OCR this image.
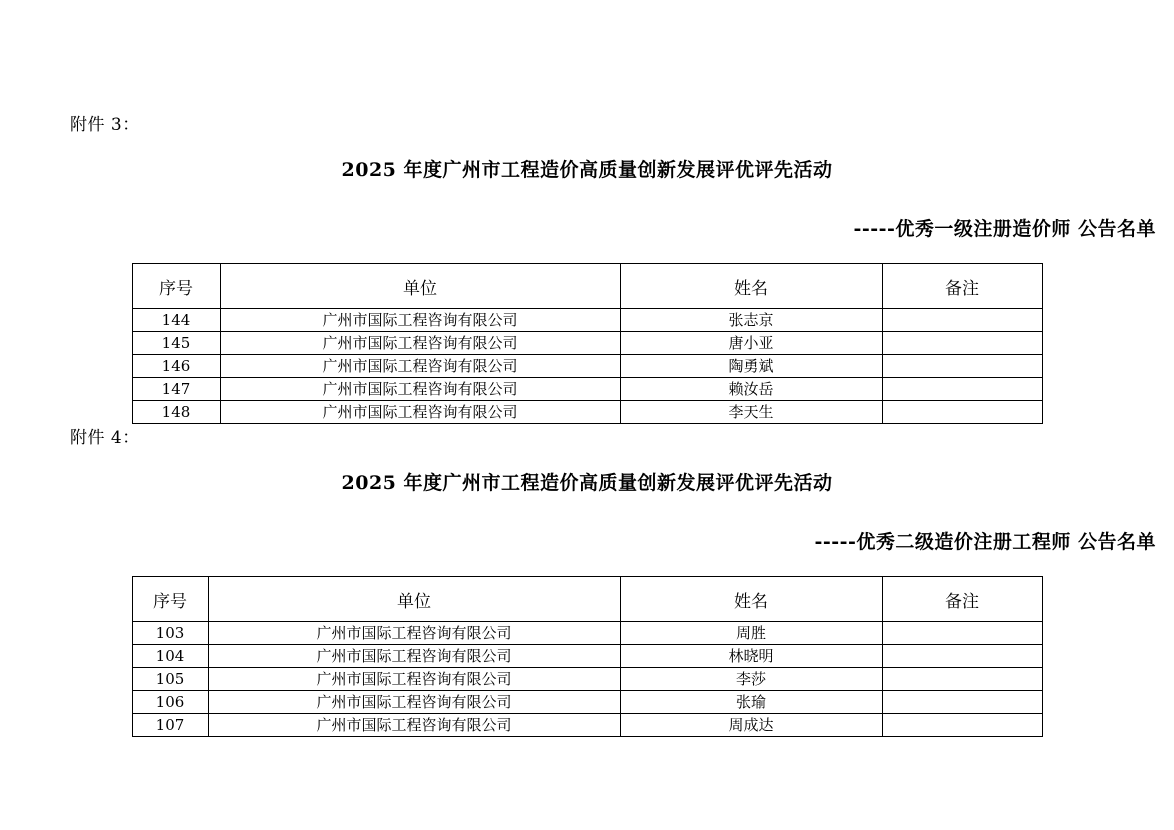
附件 3：
2025 年度广州市工程造价高质量创新发展评优评先活动
-----优秀一级注册造价师 公告名单
序号	单位	姓名	备注
144	广州市国际工程咨询有限公司	张志京	
145	广州市国际工程咨询有限公司	唐小亚	
146	广州市国际工程咨询有限公司	陶勇斌	
147	广州市国际工程咨询有限公司	赖汝岳	
148	广州市国际工程咨询有限公司	李天生	
附件 4：
2025 年度广州市工程造价高质量创新发展评优评先活动
-----优秀二级造价注册工程师 公告名单
序号	单位	姓名	备注
103	广州市国际工程咨询有限公司	周胜	
104	广州市国际工程咨询有限公司	林晓明	
105	广州市国际工程咨询有限公司	李莎	
106	广州市国际工程咨询有限公司	张瑜	
107	广州市国际工程咨询有限公司	周成达	
